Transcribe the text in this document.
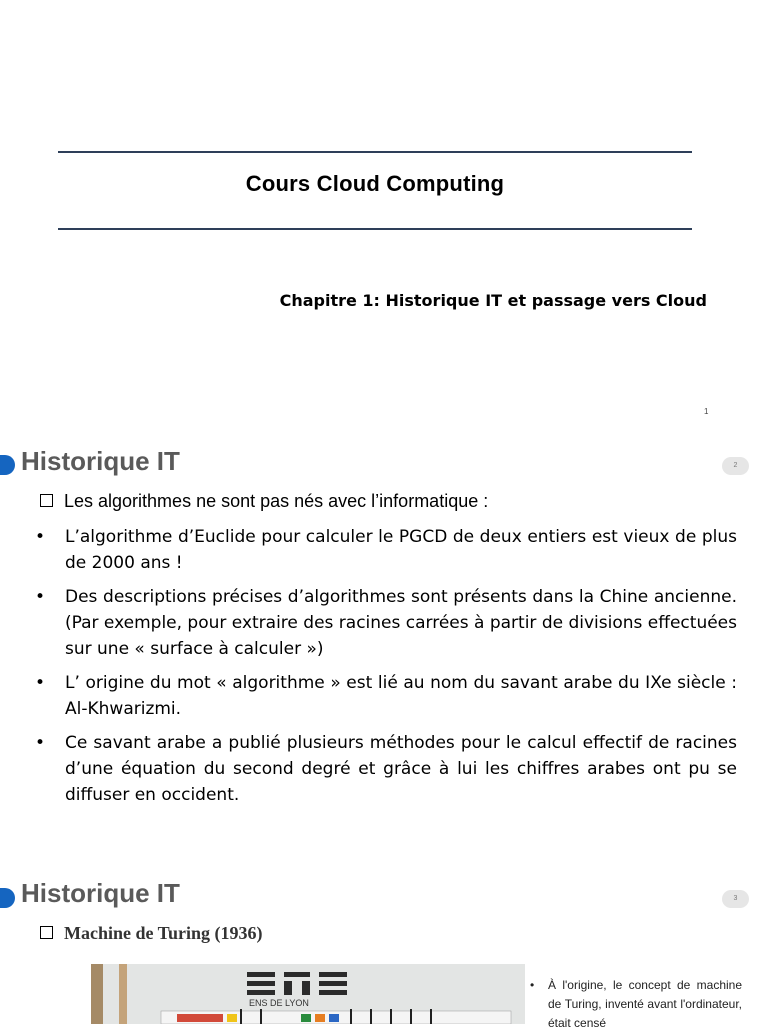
Cours Cloud Computing
Chapitre 1: Historique IT et passage vers Cloud
1
Historique IT	2
Les algorithmes ne sont pas nés avec l’informatique :
• L’algorithme d’Euclide pour calculer le PGCD de deux entiers est vieux de plus de 2000 ans !
• Des descriptions précises d’algorithmes sont présents dans la Chine ancienne. (Par exemple, pour extraire des racines carrées à partir de divisions effectuées sur une « surface à calculer »)
• L’ origine du mot « algorithme » est lié au nom du savant arabe du IXe siècle : Al-Khwarizmi.
• Ce savant arabe a publié plusieurs méthodes pour le calcul effectif de racines d’une équation du second degré et grâce à lui les chiffres arabes ont pu se diffuser en occident.
Historique IT	3
Machine de Turing (1936)
ENS DE LYON
•	À l'origine, le concept de machine de Turing, inventé avant l'ordinateur, était censé
